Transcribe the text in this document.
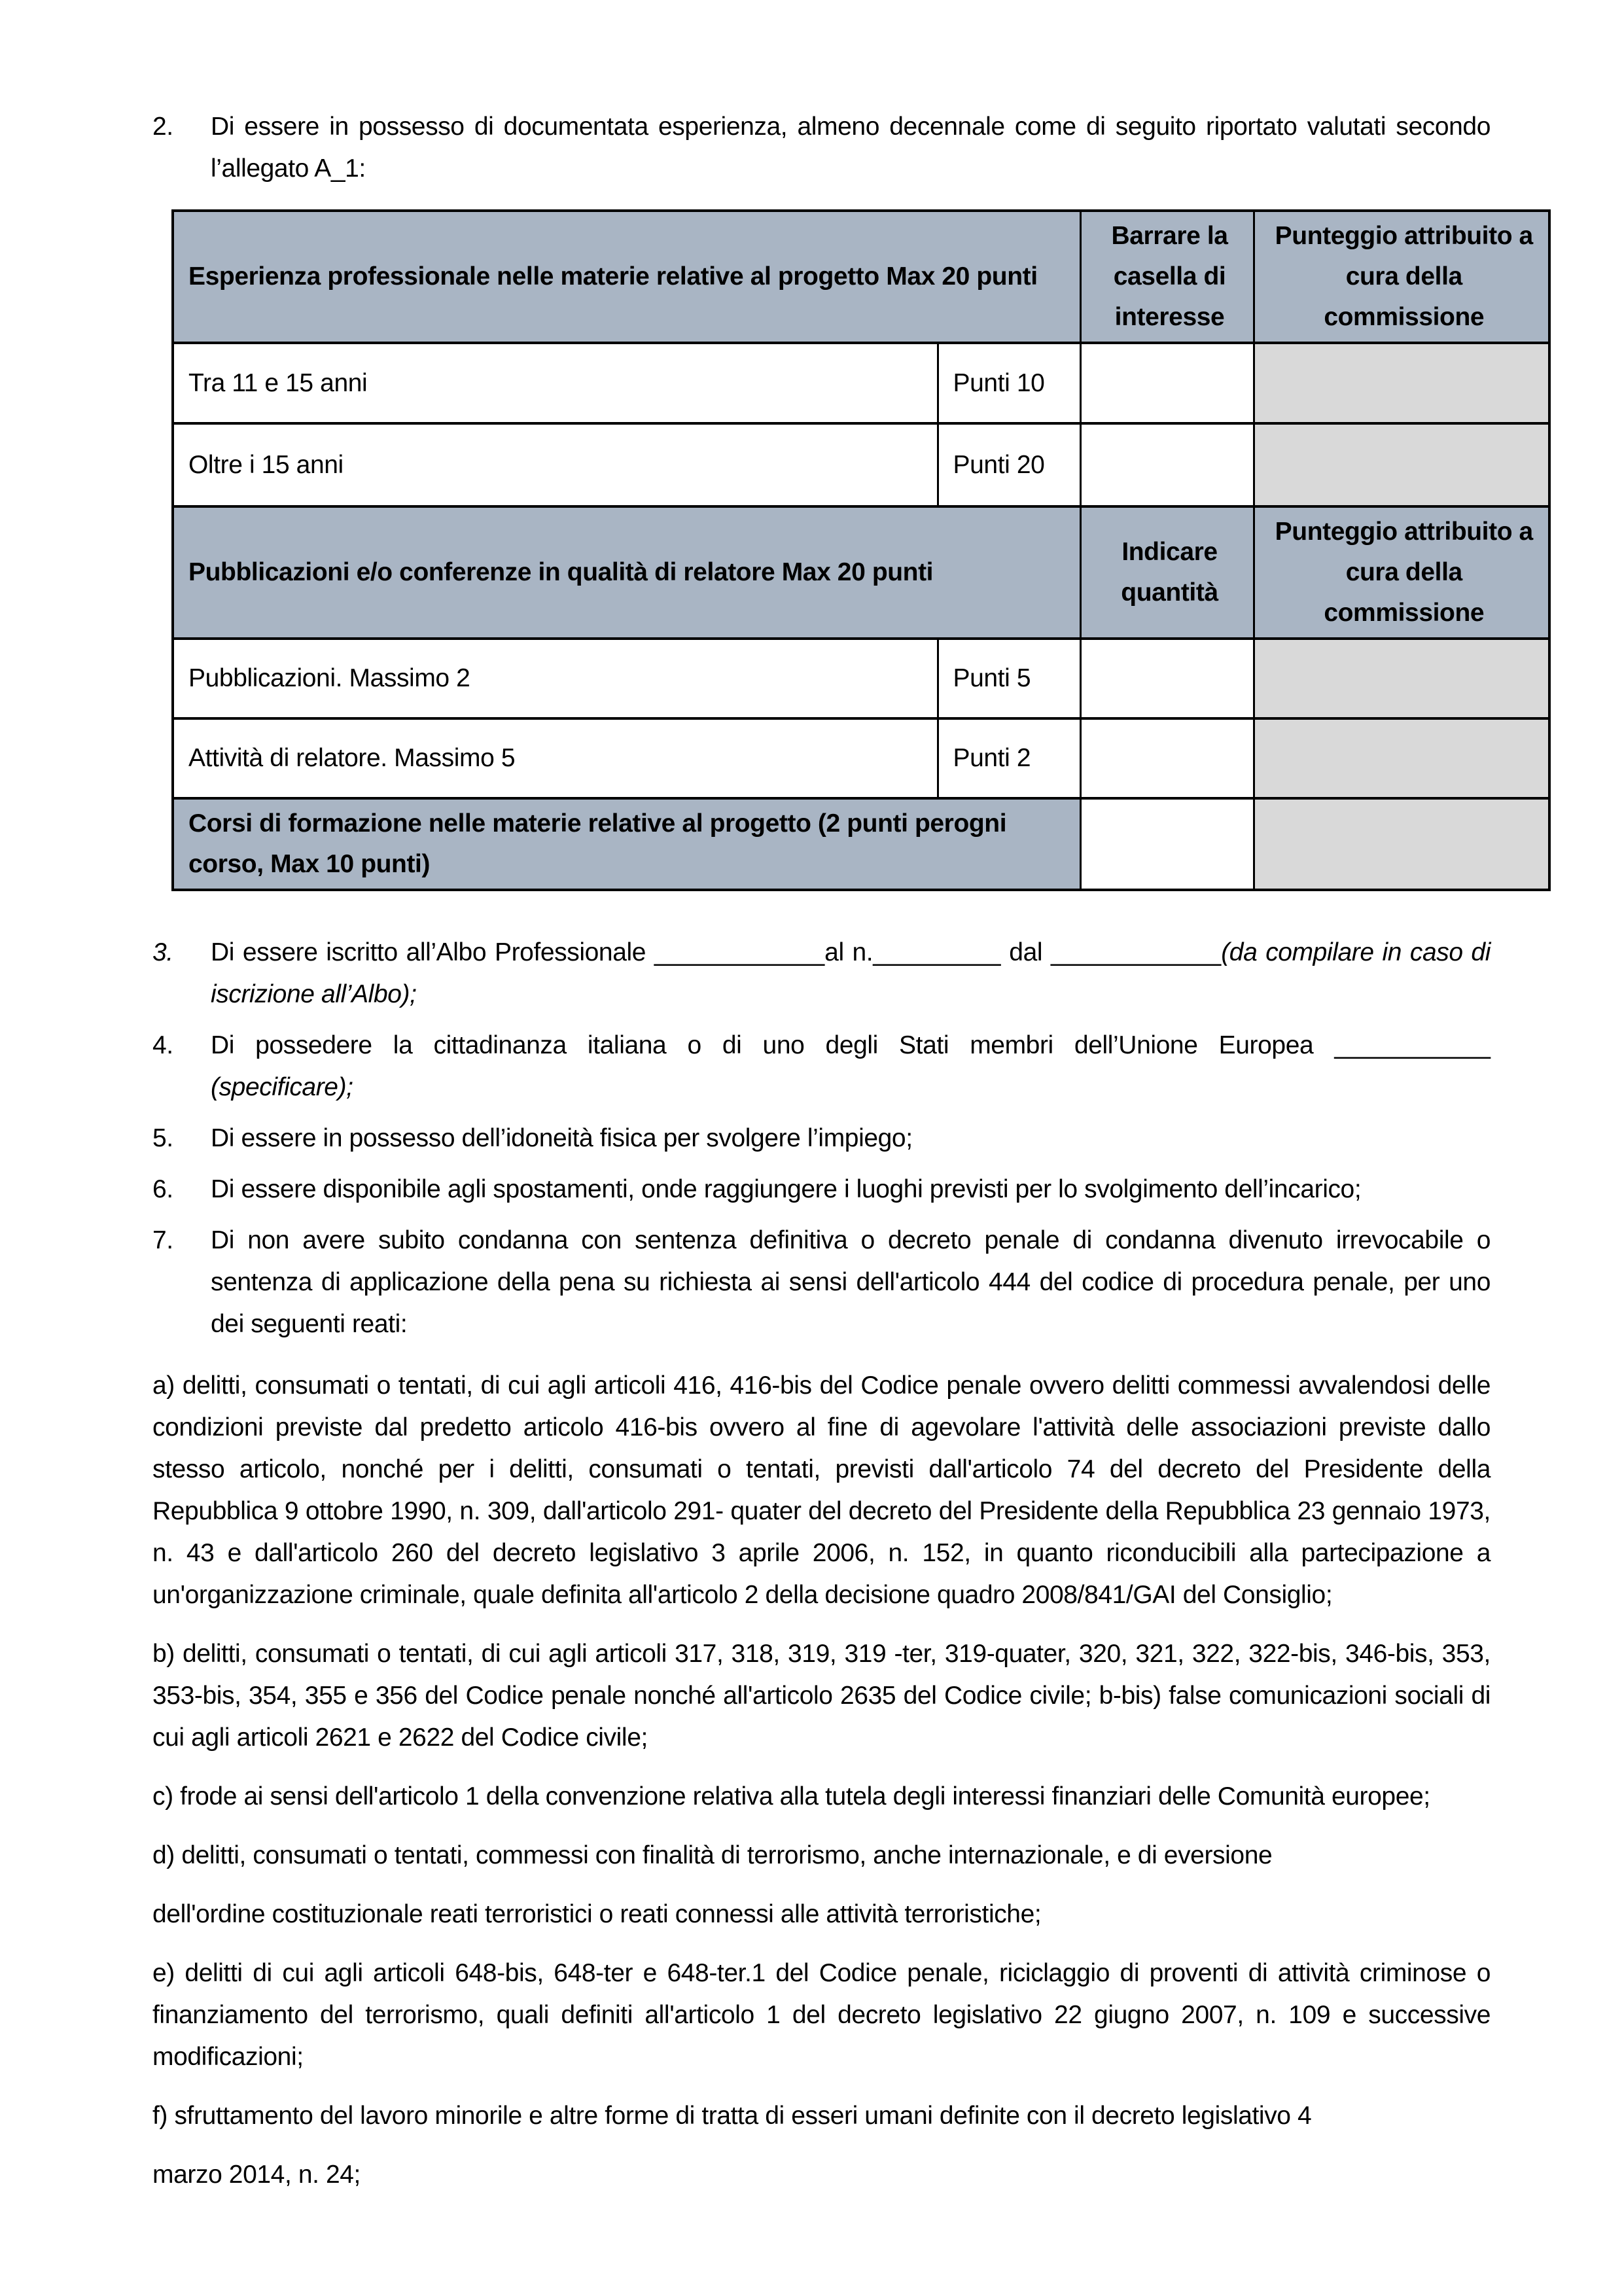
2.	Di essere in possesso di documentata esperienza, almeno decennale come di seguito riportato valutati secondo l’allegato A_1:
Esperienza professionale nelle materie relative al progetto Max 20 punti		Barrare la casella di interesse	Punteggio attribuito a cura della commissione
Tra 11 e 15 anni	Punti 10		
Oltre i 15 anni	Punti 20		
Pubblicazioni e/o conferenze in qualità di relatore Max 20 punti		Indicare quantità	Punteggio attribuito a cura della commissione
Pubblicazioni. Massimo 2	Punti 5		
Attività di relatore. Massimo 5	Punti 2		
Corsi di formazione nelle materie relative al progetto (2 punti perogni corso, Max 10 punti)			
3.	Di essere iscritto all’Albo Professionale ____________al n._________ dal ____________(da compilare in caso di iscrizione all’Albo);
4.	Di possedere la cittadinanza italiana o di uno degli Stati membri dell’Unione Europea ___________
(specificare);
5.	Di essere in possesso dell’idoneità fisica per svolgere l’impiego;
6.	Di essere disponibile agli spostamenti, onde raggiungere i luoghi previsti per lo svolgimento dell’incarico;
7.	Di non avere subito condanna con sentenza definitiva o decreto penale di condanna divenuto irrevocabile o sentenza di applicazione della pena su richiesta ai sensi dell'articolo 444 del codice di procedura penale, per uno dei seguenti reati:

a) delitti, consumati o tentati, di cui agli articoli 416, 416-bis del Codice penale ovvero delitti commessi avvalendosi delle condizioni previste dal predetto articolo 416-bis ovvero al fine di agevolare l'attività delle associazioni previste dallo stesso articolo, nonché per i delitti, consumati o tentati, previsti dall'articolo 74 del decreto del Presidente della Repubblica 9 ottobre 1990, n. 309, dall'articolo 291- quater del decreto del Presidente della Repubblica 23 gennaio 1973, n. 43 e dall'articolo 260 del decreto legislativo 3 aprile 2006, n. 152, in quanto riconducibili alla partecipazione a un'organizzazione criminale, quale definita all'articolo 2 della decisione quadro 2008/841/GAI del Consiglio;

b) delitti, consumati o tentati, di cui agli articoli 317, 318, 319, 319 -ter, 319-quater, 320, 321, 322, 322-bis, 346-bis, 353, 353-bis, 354, 355 e 356 del Codice penale nonché all'articolo 2635 del Codice civile; b-bis) false comunicazioni sociali di cui agli articoli 2621 e 2622 del Codice civile;

c) frode ai sensi dell'articolo 1 della convenzione relativa alla tutela degli interessi finanziari delle Comunità europee;

d) delitti, consumati o tentati, commessi con finalità di terrorismo, anche internazionale, e di eversione

dell'ordine costituzionale reati terroristici o reati connessi alle attività terroristiche;

e) delitti di cui agli articoli 648-bis, 648-ter e 648-ter.1 del Codice penale, riciclaggio di proventi di attività criminose o finanziamento del terrorismo, quali definiti all'articolo 1 del decreto legislativo 22 giugno 2007, n. 109 e successive modificazioni;

f) sfruttamento del lavoro minorile e altre forme di tratta di esseri umani definite con il decreto legislativo 4

marzo 2014, n. 24;
